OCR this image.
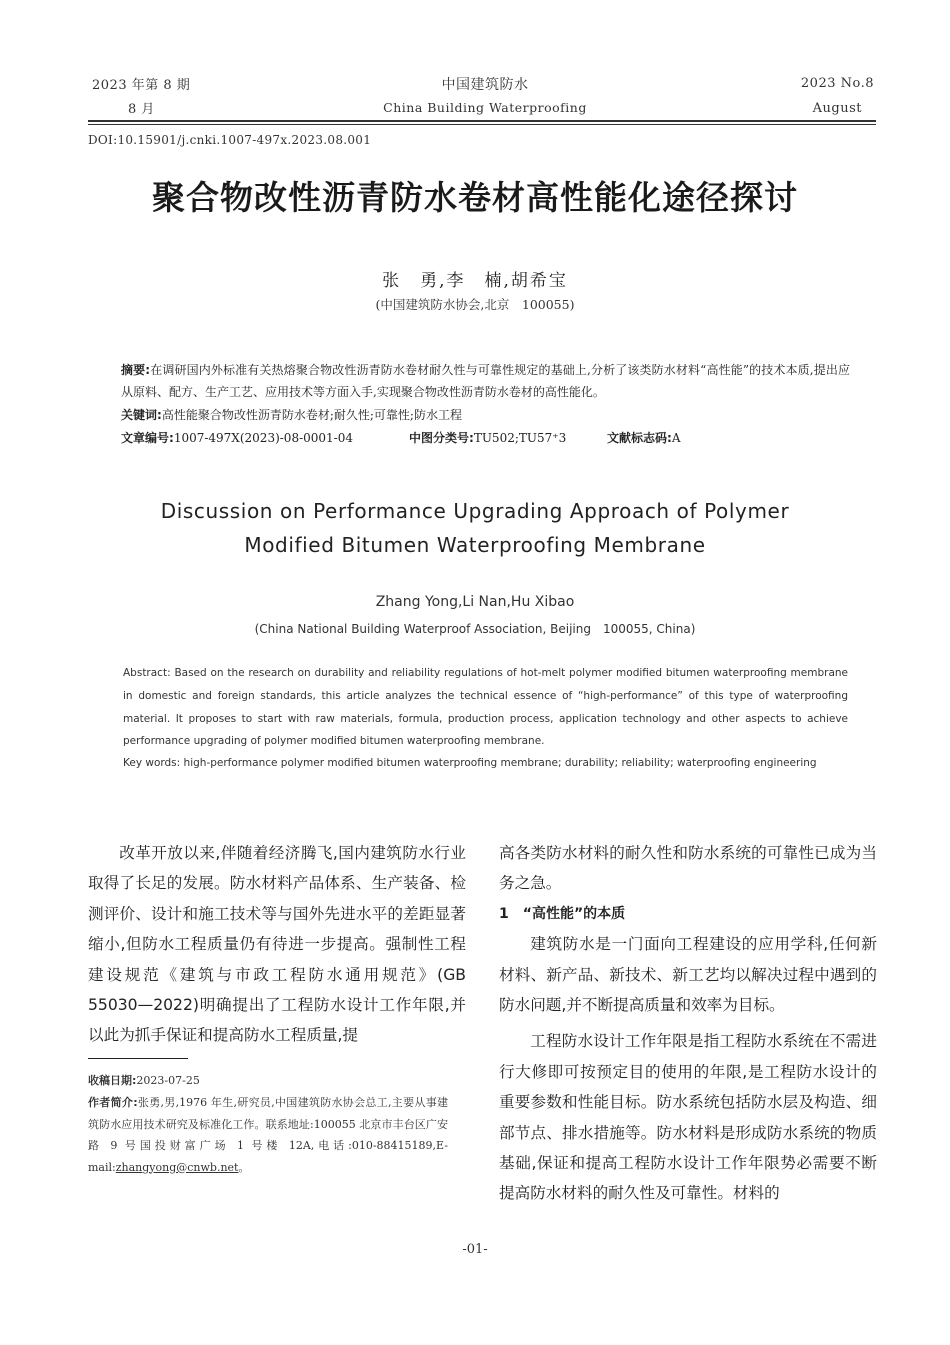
2023 年第 8 期
8 月
中国建筑防水
China Building Waterproofing
2023 No.8
August
DOI:10.15901/j.cnki.1007-497x.2023.08.001
聚合物改性沥青防水卷材高性能化途径探讨
张　勇,李　楠,胡希宝
(中国建筑防水协会,北京　100055)
摘要:在调研国内外标准有关热熔聚合物改性沥青防水卷材耐久性与可靠性规定的基础上,分析了该类防水材料“高性能”的技术本质,提出应从原料、配方、生产工艺、应用技术等方面入手,实现聚合物改性沥青防水卷材的高性能化。
关键词:高性能聚合物改性沥青防水卷材;耐久性;可靠性;防水工程
文章编号:1007-497X(2023)-08-0001-04	中图分类号:TU502;TU57⁺3	文献标志码:A
Discussion on Performance Upgrading Approach of Polymer
Modified Bitumen Waterproofing Membrane
Zhang Yong,Li Nan,Hu Xibao
(China National Building Waterproof Association, Beijing　100055, China)
Abstract: Based on the research on durability and reliability regulations of hot-melt polymer modified bitumen waterproofing membrane in domestic and foreign standards, this article analyzes the technical essence of “high-performance” of this type of waterproofing material. It proposes to start with raw materials, formula, production process, application technology and other aspects to achieve performance upgrading of polymer modified bitumen waterproofing membrane.
Key words: high-performance polymer modified bitumen waterproofing membrane; durability; reliability; waterproofing engineering

改革开放以来,伴随着经济腾飞,国内建筑防水行业取得了长足的发展。防水材料产品体系、生产装备、检测评价、设计和施工技术等与国外先进水平的差距显著缩小,但防水工程质量仍有待进一步提高。强制性工程建设规范《建筑与市政工程防水通用规范》(GB 55030—2022)明确提出了工程防水设计工作年限,并以此为抓手保证和提高防水工程质量,提

收稿日期:2023-07-25
作者简介:张勇,男,1976 年生,研究员,中国建筑防水协会总工,主要从事建筑防水应用技术研究及标准化工作。联系地址:100055 北京市丰台区广安路 9 号国投财富广场 1 号楼 12A,电话:010-88415189,E-mail:zhangyong@cnwb.net。

高各类防水材料的耐久性和防水系统的可靠性已成为当务之急。

1　“高性能”的本质

建筑防水是一门面向工程建设的应用学科,任何新材料、新产品、新技术、新工艺均以解决过程中遇到的防水问题,并不断提高质量和效率为目标。

工程防水设计工作年限是指工程防水系统在不需进行大修即可按预定目的使用的年限,是工程防水设计的重要参数和性能目标。防水系统包括防水层及构造、细部节点、排水措施等。防水材料是形成防水系统的物质基础,保证和提高工程防水设计工作年限势必需要不断提高防水材料的耐久性及可靠性。材料的

-01-
